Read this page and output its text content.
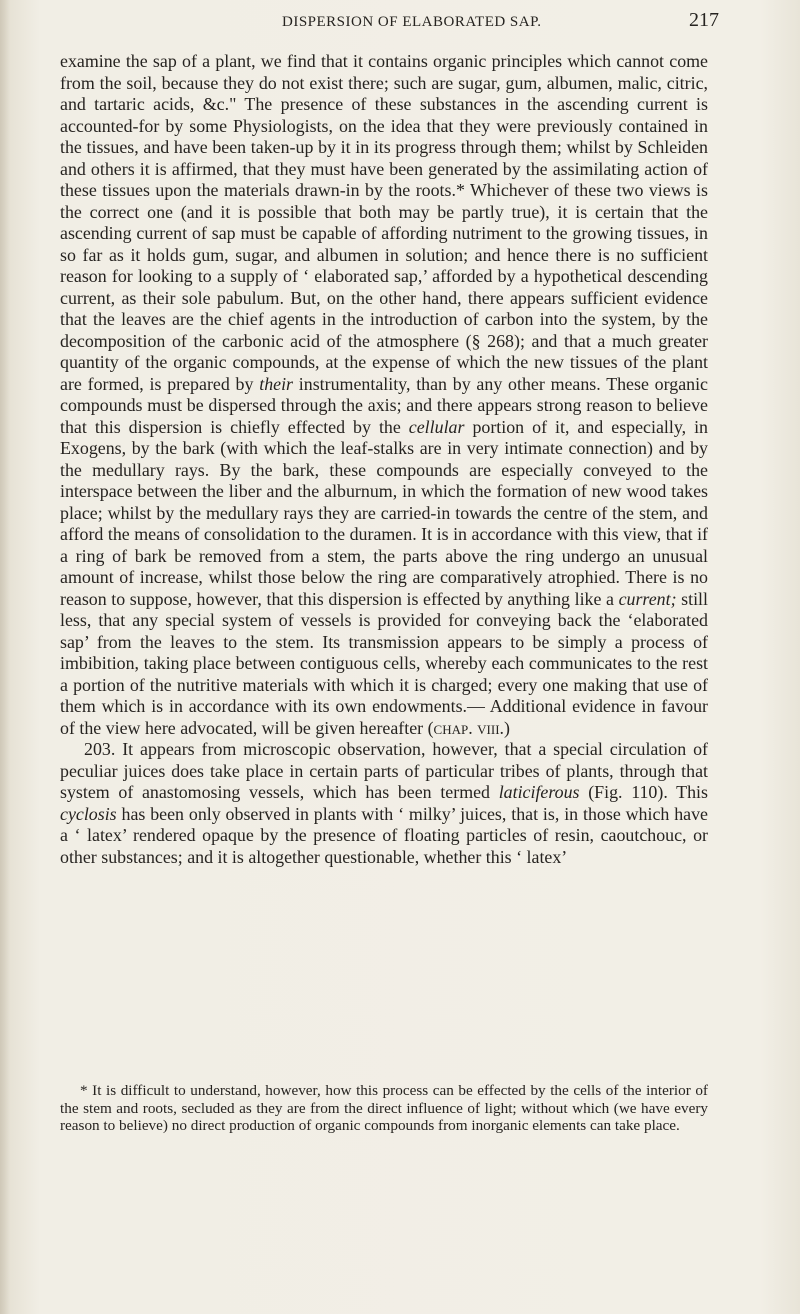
DISPERSION OF ELABORATED SAP.	217

examine the sap of a plant, we find that it contains organic principles which cannot come from the soil, because they do not exist there; such are sugar, gum, albumen, malic, citric, and tartaric acids, &c." The presence of these substances in the ascending current is accounted-for by some Physiologists, on the idea that they were previously contained in the tissues, and have been taken-up by it in its progress through them; whilst by Schleiden and others it is affirmed, that they must have been generated by the assimilating action of these tissues upon the materials drawn-in by the roots.* Whichever of these two views is the correct one (and it is possible that both may be partly true), it is certain that the ascending current of sap must be capable of affording nutriment to the growing tissues, in so far as it holds gum, sugar, and albumen in solution; and hence there is no sufficient reason for looking to a supply of ‘ elaborated sap,’ afforded by a hypothetical descending current, as their sole pabulum. But, on the other hand, there appears sufficient evidence that the leaves are the chief agents in the introduction of carbon into the system, by the decomposition of the carbonic acid of the atmosphere (§ 268); and that a much greater quantity of the organic compounds, at the expense of which the new tissues of the plant are formed, is prepared by their instrumentality, than by any other means. These organic compounds must be dispersed through the axis; and there appears strong reason to believe that this dispersion is chiefly effected by the cellular portion of it, and especially, in Exogens, by the bark (with which the leaf-stalks are in very intimate connection) and by the medullary rays. By the bark, these compounds are especially conveyed to the interspace between the liber and the alburnum, in which the formation of new wood takes place; whilst by the medullary rays they are carried-in towards the centre of the stem, and afford the means of consolidation to the duramen. It is in accordance with this view, that if a ring of bark be removed from a stem, the parts above the ring undergo an unusual amount of increase, whilst those below the ring are comparatively atrophied. There is no reason to suppose, however, that this dispersion is effected by anything like a current; still less, that any special system of vessels is provided for conveying back the ‘elaborated sap’ from the leaves to the stem. Its transmission appears to be simply a process of imbibition, taking place between contiguous cells, whereby each communicates to the rest a portion of the nutritive materials with which it is charged; every one making that use of them which is in accordance with its own endowments.— Additional evidence in favour of the view here advocated, will be given hereafter (chap. viii.)

203. It appears from microscopic observation, however, that a special circulation of peculiar juices does take place in certain parts of particular tribes of plants, through that system of anastomosing vessels, which has been termed laticiferous (Fig. 110). This cyclosis has been only observed in plants with ‘ milky’ juices, that is, in those which have a ‘ latex’ rendered opaque by the presence of floating particles of resin, caoutchouc, or other substances; and it is altogether questionable, whether this ‘ latex’

* It is difficult to understand, however, how this process can be effected by the cells of the interior of the stem and roots, secluded as they are from the direct influence of light; without which (we have every reason to believe) no direct production of organic compounds from inorganic elements can take place.
